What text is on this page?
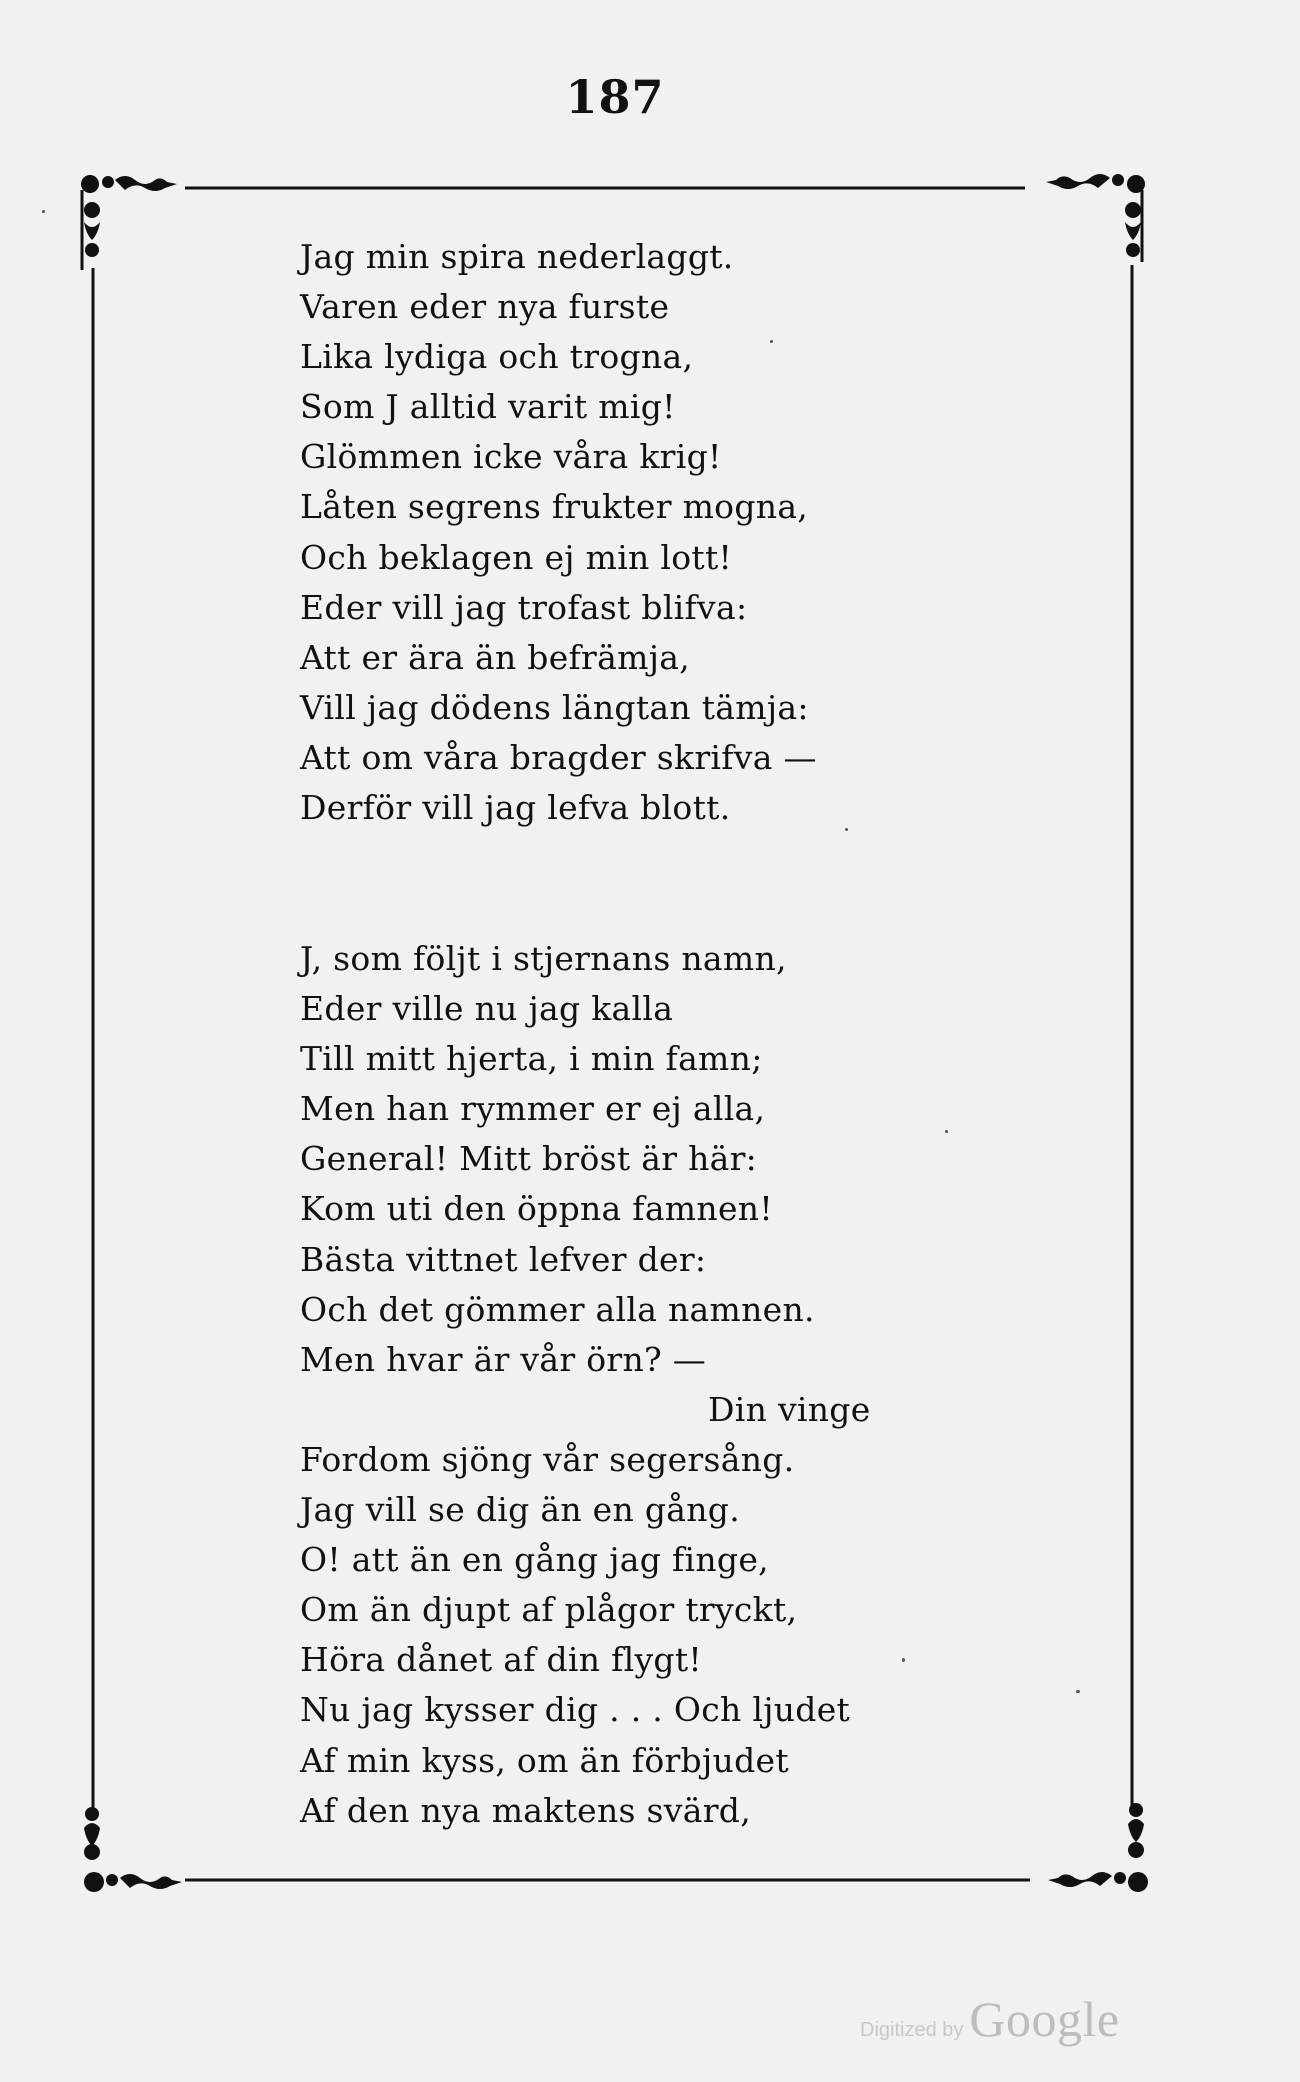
187
Jag min spira nederlaggt.
Varen eder nya furste
Lika lydiga och trogna,
Som J alltid varit mig!
Glömmen icke våra krig!
Låten segrens frukter mogna,
Och beklagen ej min lott!
Eder vill jag trofast blifva:
Att er ära än befrämja,
Vill jag dödens längtan tämja:
Att om våra bragder skrifva —
Derför vill jag lefva blott.
J, som följt i stjernans namn,
Eder ville nu jag kalla
Till mitt hjerta, i min famn;
Men han rymmer er ej alla,
General! Mitt bröst är här:
Kom uti den öppna famnen!
Bästa vittnet lefver der:
Och det gömmer alla namnen.
Men hvar är vår örn? —
Din vinge
Fordom sjöng vår segersång.
Jag vill se dig än en gång.
O! att än en gång jag finge,
Om än djupt af plågor tryckt,
Höra dånet af din flygt!
Nu jag kysser dig . . . Och ljudet
Af min kyss, om än förbjudet
Af den nya maktens svärd,
Digitized by Google
